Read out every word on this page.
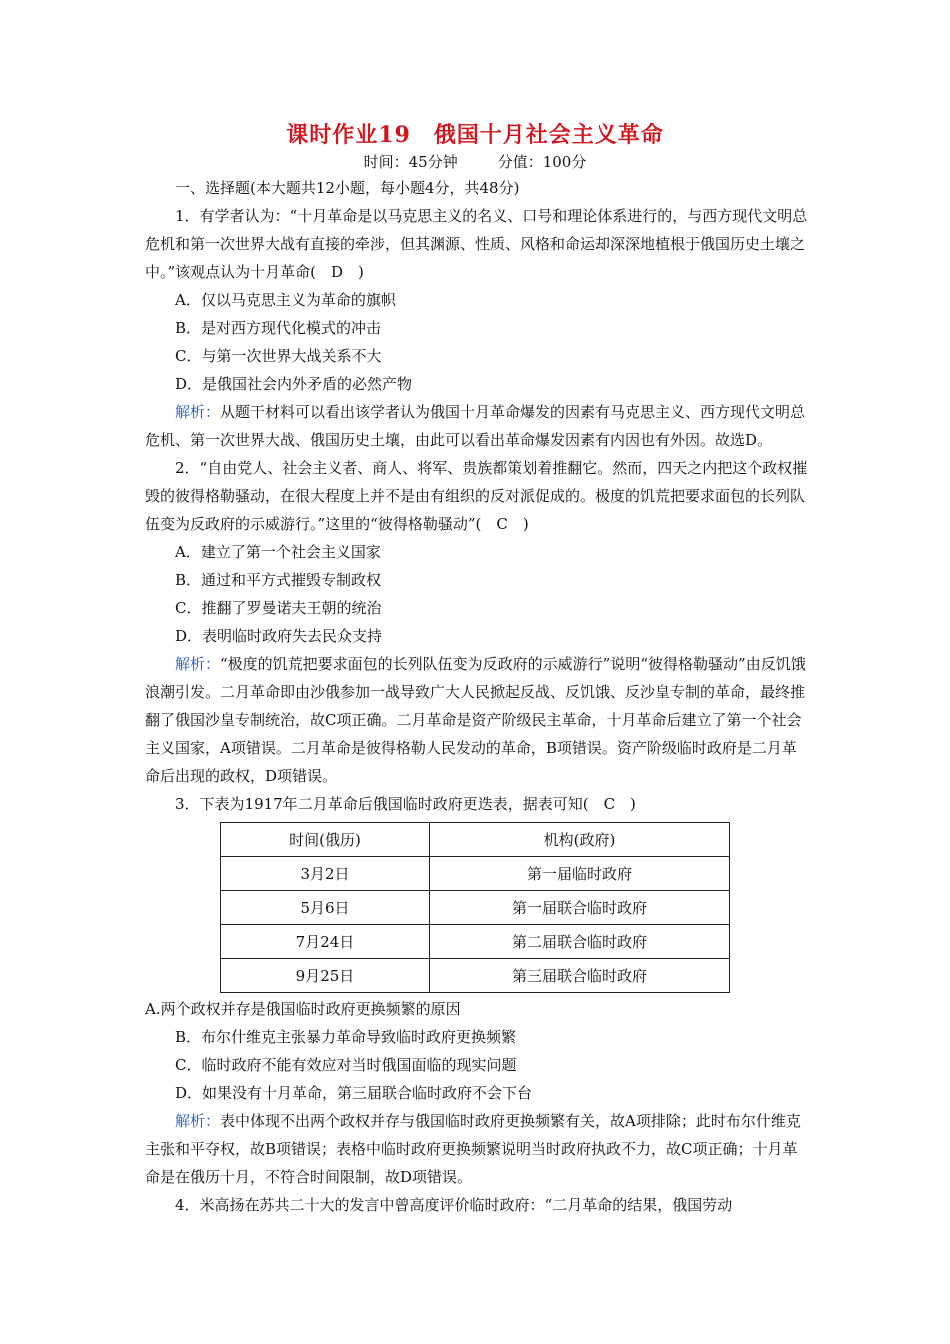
课时作业19　俄国十月社会主义革命
时间：45分钟	分值：100分

一、选择题(本大题共12小题，每小题4分，共48分)

1．有学者认为：“十月革命是以马克思主义的名义、口号和理论体系进行的，与西方现代文明总危机和第一次世界大战有直接的牵涉，但其渊源、性质、风格和命运却深深地植根于俄国历史土壤之中。”该观点认为十月革命(　D　)

A．仅以马克思主义为革命的旗帜

B．是对西方现代化模式的冲击

C．与第一次世界大战关系不大

D．是俄国社会内外矛盾的必然产物

解析：从题干材料可以看出该学者认为俄国十月革命爆发的因素有马克思主义、西方现代文明总危机、第一次世界大战、俄国历史土壤，由此可以看出革命爆发因素有内因也有外因。故选D。

2．“自由党人、社会主义者、商人、将军、贵族都策划着推翻它。然而，四天之内把这个政权摧毁的彼得格勒骚动，在很大程度上并不是由有组织的反对派促成的。极度的饥荒把要求面包的长列队伍变为反政府的示威游行。”这里的“彼得格勒骚动”(　C　)

A．建立了第一个社会主义国家

B．通过和平方式摧毁专制政权

C．推翻了罗曼诺夫王朝的统治

D．表明临时政府失去民众支持

解析：“极度的饥荒把要求面包的长列队伍变为反政府的示威游行”说明“彼得格勒骚动”由反饥饿浪潮引发。二月革命即由沙俄参加一战导致广大人民掀起反战、反饥饿、反沙皇专制的革命，最终推翻了俄国沙皇专制统治，故C项正确。二月革命是资产阶级民主革命，十月革命后建立了第一个社会主义国家，A项错误。二月革命是彼得格勒人民发动的革命，B项错误。资产阶级临时政府是二月革命后出现的政权，D项错误。

3．下表为1917年二月革命后俄国临时政府更迭表，据表可知(　C　)

时间(俄历)	机构(政府)
3月2日	第一届临时政府
5月6日	第一届联合临时政府
7月24日	第二届联合临时政府
9月25日	第三届联合临时政府

A.两个政权并存是俄国临时政府更换频繁的原因

B．布尔什维克主张暴力革命导致临时政府更换频繁

C．临时政府不能有效应对当时俄国面临的现实问题

D．如果没有十月革命，第三届联合临时政府不会下台

解析：表中体现不出两个政权并存与俄国临时政府更换频繁有关，故A项排除；此时布尔什维克主张和平夺权，故B项错误；表格中临时政府更换频繁说明当时政府执政不力，故C项正确；十月革命是在俄历十月，不符合时间限制，故D项错误。

4．米高扬在苏共二十大的发言中曾高度评价临时政府：“二月革命的结果，俄国劳动
